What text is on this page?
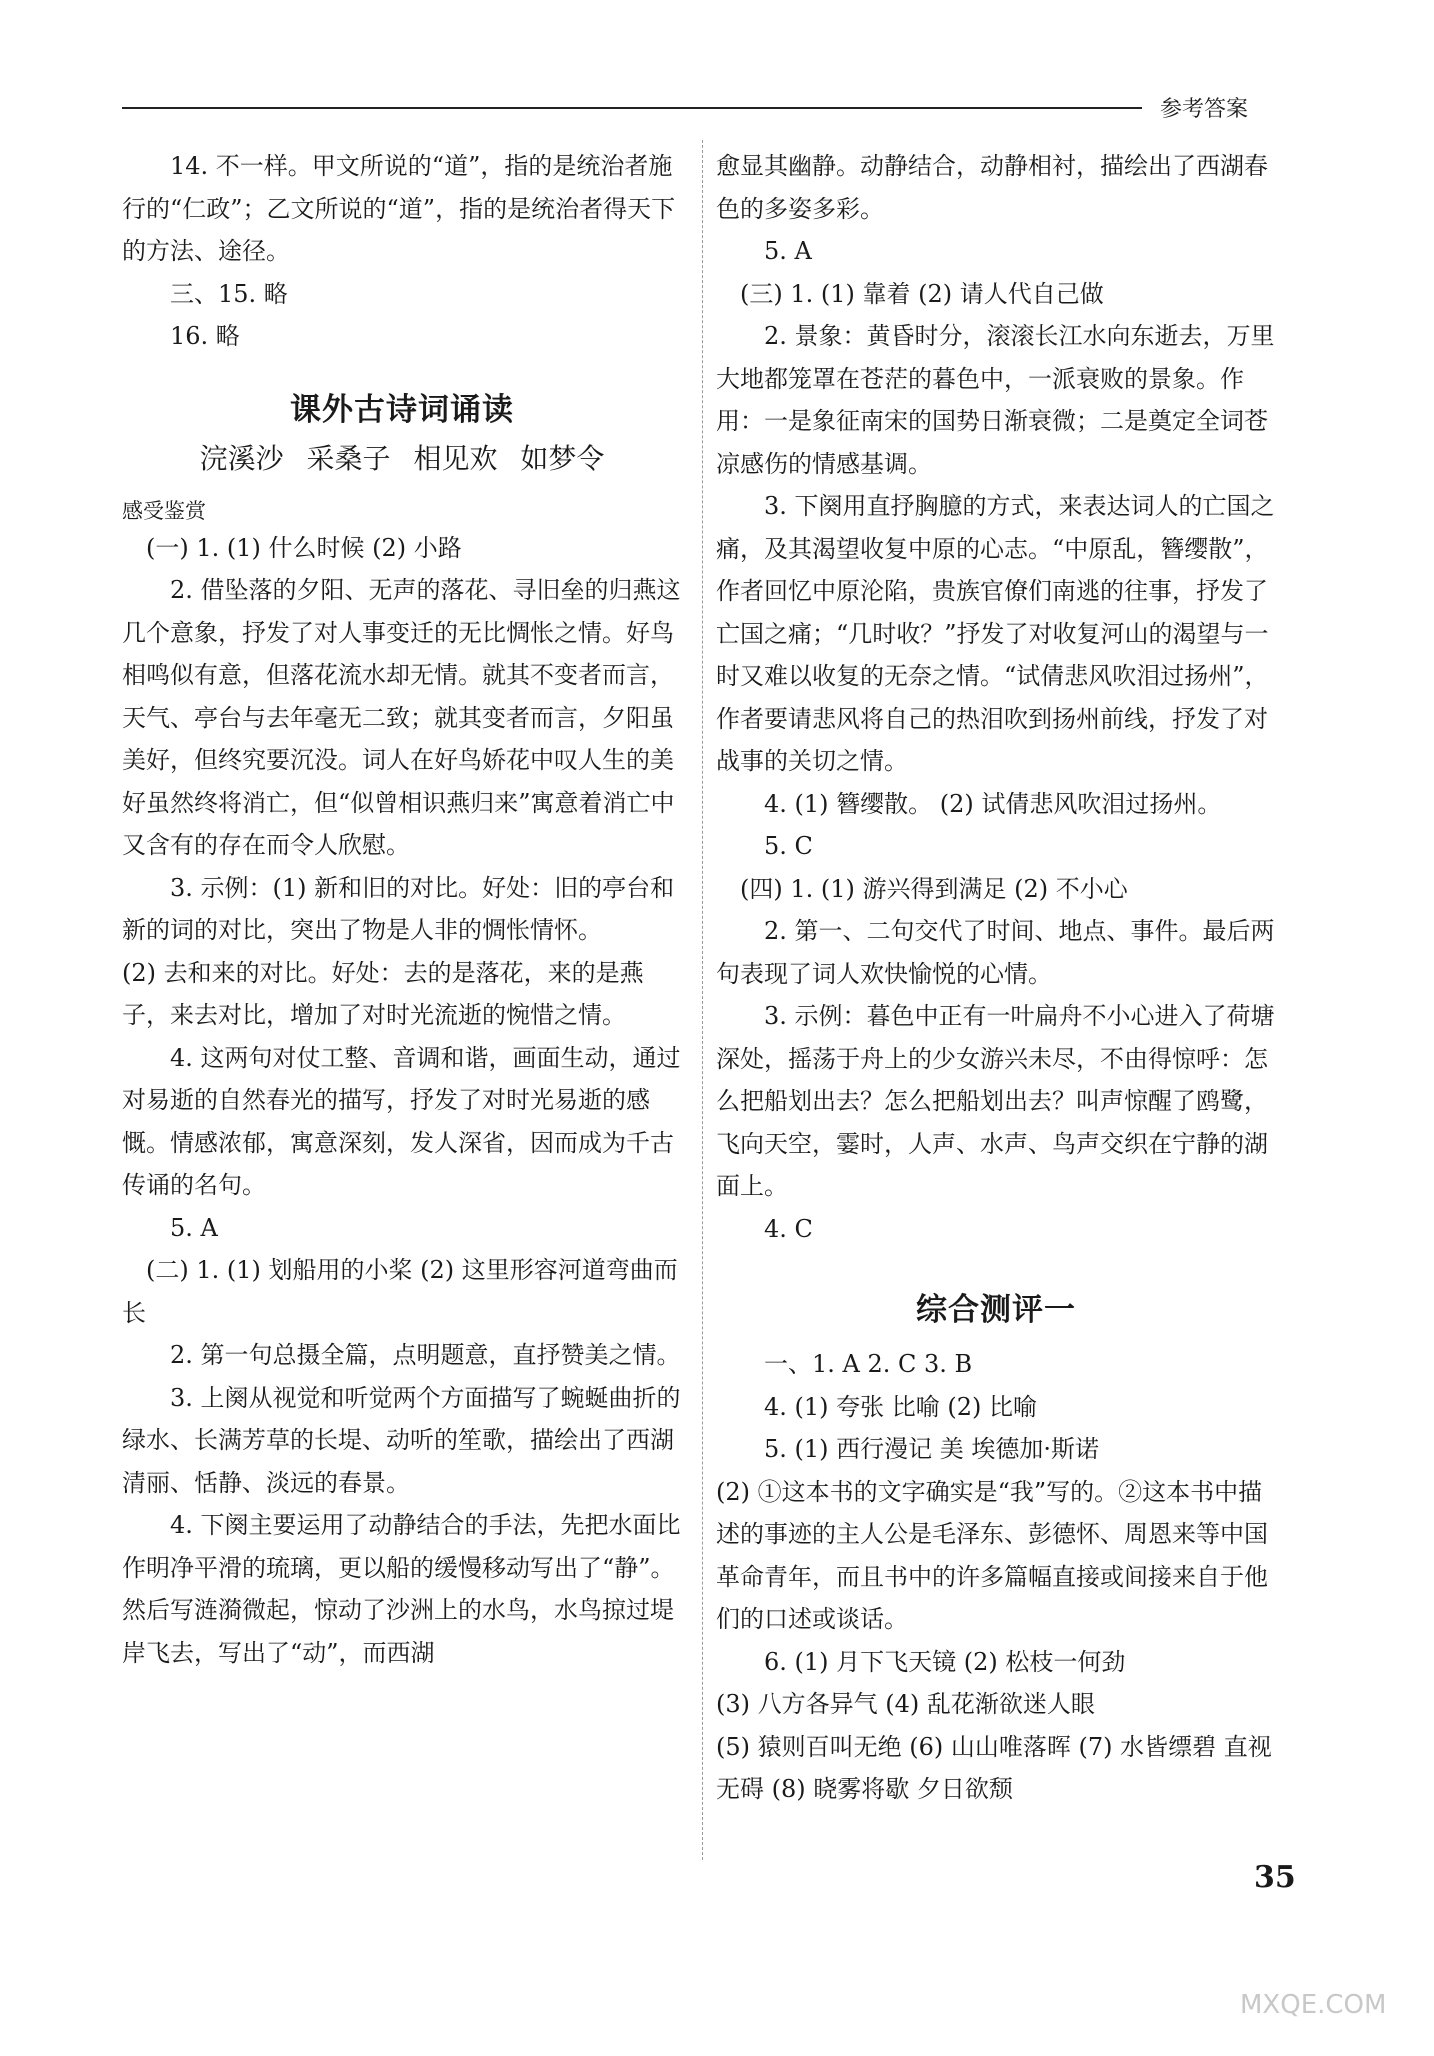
参考答案

14. 不一样。甲文所说的“道”，指的是统治者施行的“仁政”；乙文所说的“道”，指的是统治者得天下的方法、途径。

三、15. 略

16. 略

课外古诗词诵读
浣溪沙 采桑子 相见欢 如梦令
感受鉴赏

(一) 1. (1) 什么时候 (2) 小路

2. 借坠落的夕阳、无声的落花、寻旧垒的归燕这几个意象，抒发了对人事变迁的无比惆怅之情。好鸟相鸣似有意，但落花流水却无情。就其不变者而言，天气、亭台与去年毫无二致；就其变者而言，夕阳虽美好，但终究要沉没。词人在好鸟娇花中叹人生的美好虽然终将消亡，但“似曾相识燕归来”寓意着消亡中又含有的存在而令人欣慰。

3. 示例：(1) 新和旧的对比。好处：旧的亭台和新的词的对比，突出了物是人非的惆怅情怀。

(2) 去和来的对比。好处：去的是落花，来的是燕子，来去对比，增加了对时光流逝的惋惜之情。

4. 这两句对仗工整、音调和谐，画面生动，通过对易逝的自然春光的描写，抒发了对时光易逝的感慨。情感浓郁，寓意深刻，发人深省，因而成为千古传诵的名句。

5. A

(二) 1. (1) 划船用的小桨 (2) 这里形容河道弯曲而长

2. 第一句总摄全篇，点明题意，直抒赞美之情。

3. 上阕从视觉和听觉两个方面描写了蜿蜒曲折的绿水、长满芳草的长堤、动听的笙歌，描绘出了西湖清丽、恬静、淡远的春景。

4. 下阕主要运用了动静结合的手法，先把水面比作明净平滑的琉璃，更以船的缓慢移动写出了“静”。然后写涟漪微起，惊动了沙洲上的水鸟，水鸟掠过堤岸飞去，写出了“动”，而西湖

愈显其幽静。动静结合，动静相衬，描绘出了西湖春色的多姿多彩。

5. A

(三) 1. (1) 靠着 (2) 请人代自己做

2. 景象：黄昏时分，滚滚长江水向东逝去，万里大地都笼罩在苍茫的暮色中，一派衰败的景象。作用：一是象征南宋的国势日渐衰微；二是奠定全词苍凉感伤的情感基调。

3. 下阕用直抒胸臆的方式，来表达词人的亡国之痛，及其渴望收复中原的心志。“中原乱，簪缨散”，作者回忆中原沦陷，贵族官僚们南逃的往事，抒发了亡国之痛；“几时收？”抒发了对收复河山的渴望与一时又难以收复的无奈之情。“试倩悲风吹泪过扬州”，作者要请悲风将自己的热泪吹到扬州前线，抒发了对战事的关切之情。

4. (1) 簪缨散。 (2) 试倩悲风吹泪过扬州。

5. C

(四) 1. (1) 游兴得到满足 (2) 不小心

2. 第一、二句交代了时间、地点、事件。最后两句表现了词人欢快愉悦的心情。

3. 示例：暮色中正有一叶扁舟不小心进入了荷塘深处，摇荡于舟上的少女游兴未尽，不由得惊呼：怎么把船划出去？怎么把船划出去？叫声惊醒了鸥鹭，飞向天空，霎时，人声、水声、鸟声交织在宁静的湖面上。

4. C

综合测评一

一、1. A 2. C 3. B

4. (1) 夸张 比喻 (2) 比喻

5. (1) 西行漫记 美 埃德加·斯诺

(2) ①这本书的文字确实是“我”写的。②这本书中描述的事迹的主人公是毛泽东、彭德怀、周恩来等中国革命青年，而且书中的许多篇幅直接或间接来自于他们的口述或谈话。

6. (1) 月下飞天镜 (2) 松枝一何劲

(3) 八方各异气 (4) 乱花渐欲迷人眼

(5) 猿则百叫无绝 (6) 山山唯落晖 (7) 水皆缥碧 直视无碍 (8) 晓雾将歇 夕日欲颓

35
MXQE.COM
